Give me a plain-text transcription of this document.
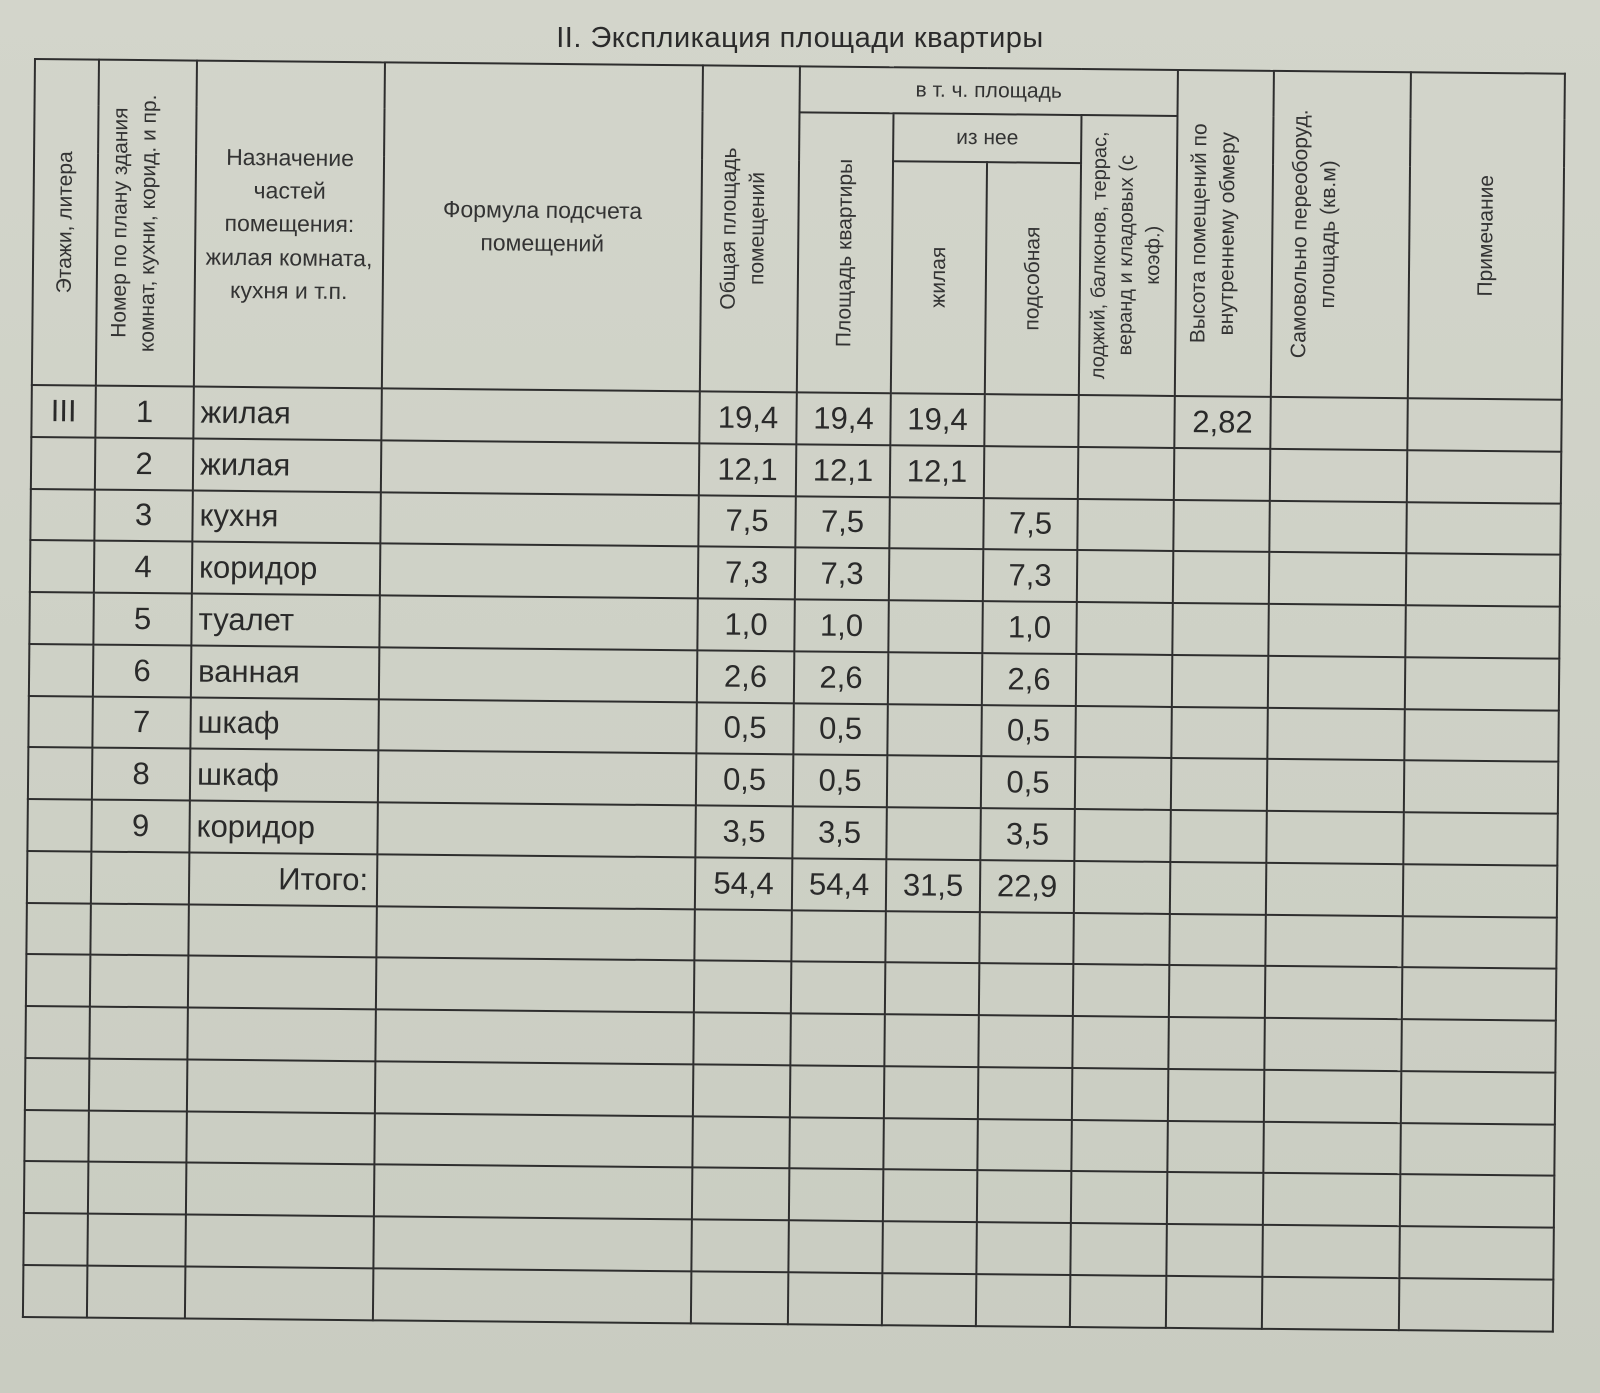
II. Экспликация площади квартиры
Этажи, литера	Номер по плану здания комнат, кухни, корид. и пр.	Назначение частей помещения: жилая комната, кухня и т.п.	Формула подсчета помещений	Общая площадь помещений	в т. ч. площадь				Высота помещений по внутреннему обмеру	Самовольно переоборуд. площадь (кв.м)	Примечание

					Площадь квартиры	из нее		лоджий, балконов, террас, веранд и кладовых (с коэф.)			

						жилая	подсобная				

III	1	жилая		19,4	19,4	19,4			2,82		
	2	жилая		12,1	12,1	12,1					
	3	кухня		7,5	7,5		7,5				
	4	коридор		7,3	7,3		7,3				
	5	туалет		1,0	1,0		1,0				
	6	ванная		2,6	2,6		2,6				
	7	шкаф		0,5	0,5		0,5				
	8	шкаф		0,5	0,5		0,5				
	9	коридор		3,5	3,5		3,5				
		Итого:		54,4	54,4	31,5	22,9				
